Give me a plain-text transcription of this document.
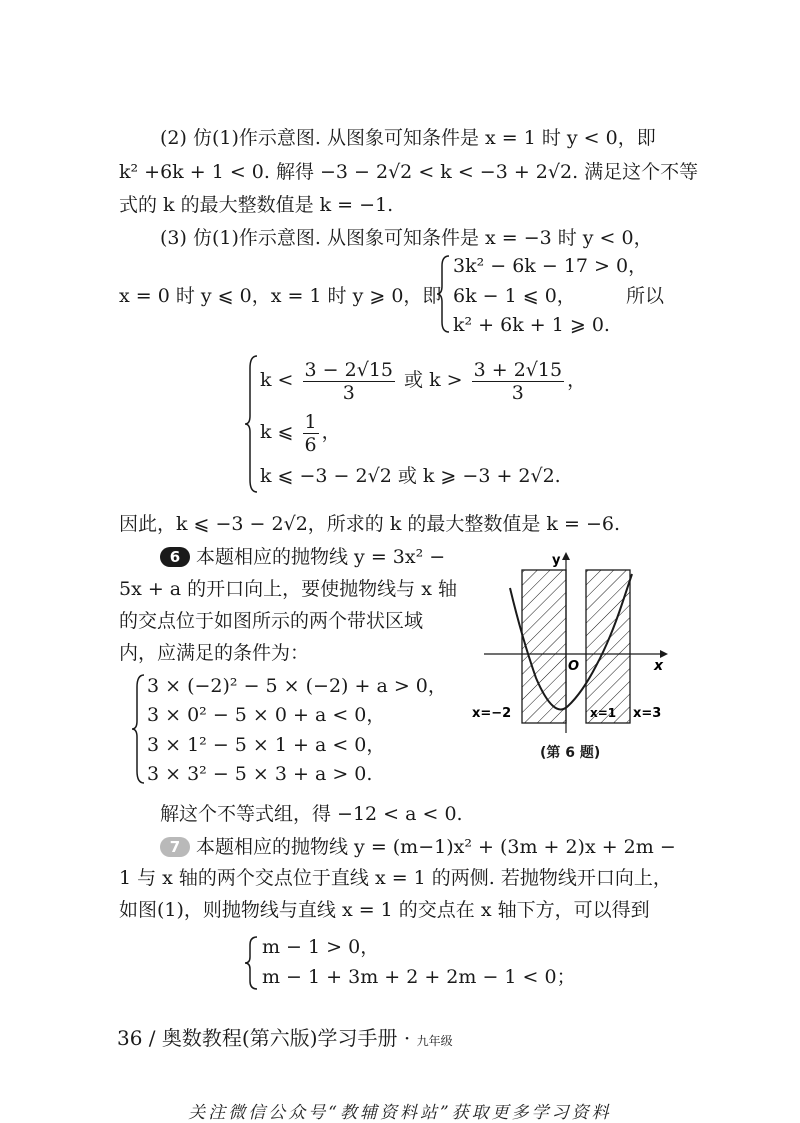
(2) 仿(1)作示意图. 从图象可知条件是 x = 1 时 y < 0，即
k² +6k + 1 < 0. 解得 −3 − 2√2 < k < −3 + 2√2. 满足这个不等
式的 k 的最大整数值是 k = −1.
(3) 仿(1)作示意图. 从图象可知条件是 x = −3 时 y < 0，
x = 0 时 y ⩽ 0，x = 1 时 y ⩾ 0，即
3k² − 6k − 17 > 0，
6k − 1 ⩽ 0，
k² + 6k + 1 ⩾ 0.
所以
$k < \frac{3 - 2√15}{3}$ 或 $k > \frac{3 + 2√15}{3}$ ，
k ⩽ $\frac{1}{6}$ ，
k ⩽ −3 − 2√2 或 k ⩾ −3 + 2√2.
因此，k ⩽ −3 − 2√2，所求的 k 的最大整数值是 k = −6.
6 本题相应的抛物线 y = 3x² −
5x + a 的开口向上，要使抛物线与 x 轴
的交点位于如图所示的两个带状区域
内，应满足的条件为：
3 × (−2)² − 5 × (−2) + a > 0，
3 × 0² − 5 × 0 + a < 0，
3 × 1² − 5 × 1 + a < 0，
3 × 3² − 5 × 3 + a > 0.
解这个不等式组，得 −12 < a < 0.
y
x
O
x=−2	x=1 x=3
(第 6 题)
7 本题相应的抛物线 y = (m−1)x² + (3m + 2)x + 2m −
1 与 x 轴的两个交点位于直线 x = 1 的两侧. 若抛物线开口向上，
如图(1)，则抛物线与直线 x = 1 的交点在 x 轴下方，可以得到
m − 1 > 0，
m − 1 + 3m + 2 + 2m − 1 < 0；
36 / 奥数教程(第六版)学习手册 · 九年级
关注微信公众号“教辅资料站”获取更多学习资料
